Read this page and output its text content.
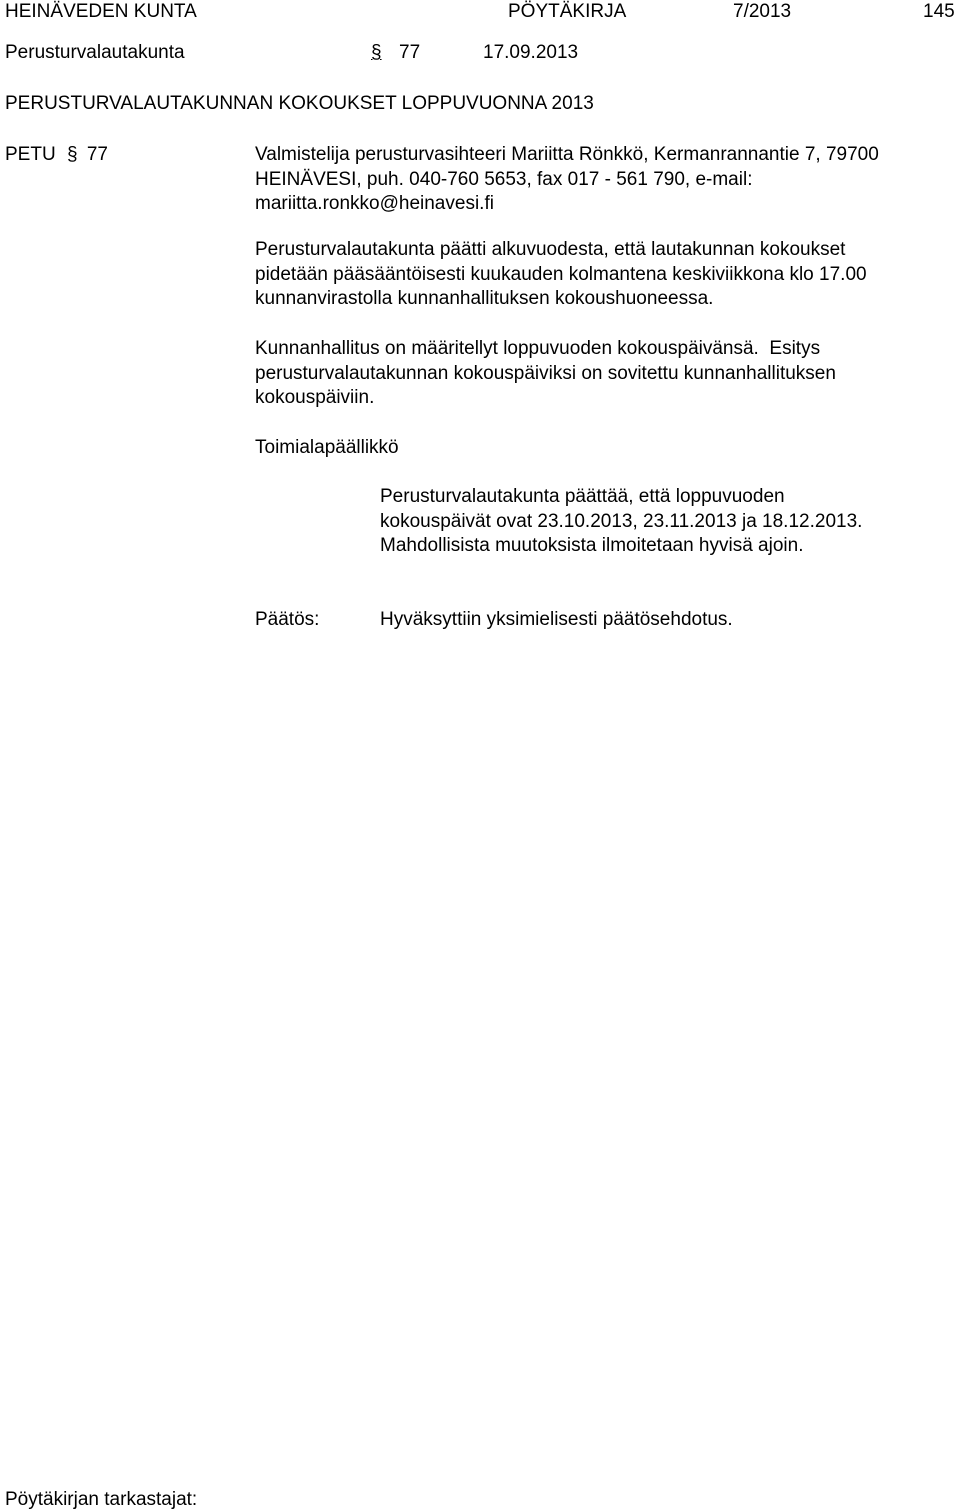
HEINÄVEDEN KUNTA	PÖYTÄKIRJA	7/2013	145
Perusturvalautakunta	§ 77	17.09.2013
PERUSTURVALAUTAKUNNAN KOKOUKSET LOPPUVUONNA 2013
PETU § 77	Valmistelija perusturvasihteeri Mariitta Rönkkö, Kermanrannantie 7, 79700
HEINÄVESI, puh. 040-760 5653, fax 017 - 561 790, e-mail:
mariitta.ronkko@heinavesi.fi
Perusturvalautakunta päätti alkuvuodesta, että lautakunnan kokoukset
pidetään pääsääntöisesti kuukauden kolmantena keskiviikkona klo 17.00
kunnanvirastolla kunnanhallituksen kokoushuoneessa.
Kunnanhallitus on määritellyt loppuvuoden kokouspäivänsä.  Esitys
perusturvalautakunnan kokouspäiviksi on sovitettu kunnanhallituksen
kokouspäiviin.
Toimialapäällikkö
Perusturvalautakunta päättää, että loppuvuoden
kokouspäivät ovat 23.10.2013, 23.11.2013 ja 18.12.2013.
Mahdollisista muutoksista ilmoitetaan hyvisä ajoin.
Päätös:	Hyväksyttiin yksimielisesti päätösehdotus.
Pöytäkirjan tarkastajat:
